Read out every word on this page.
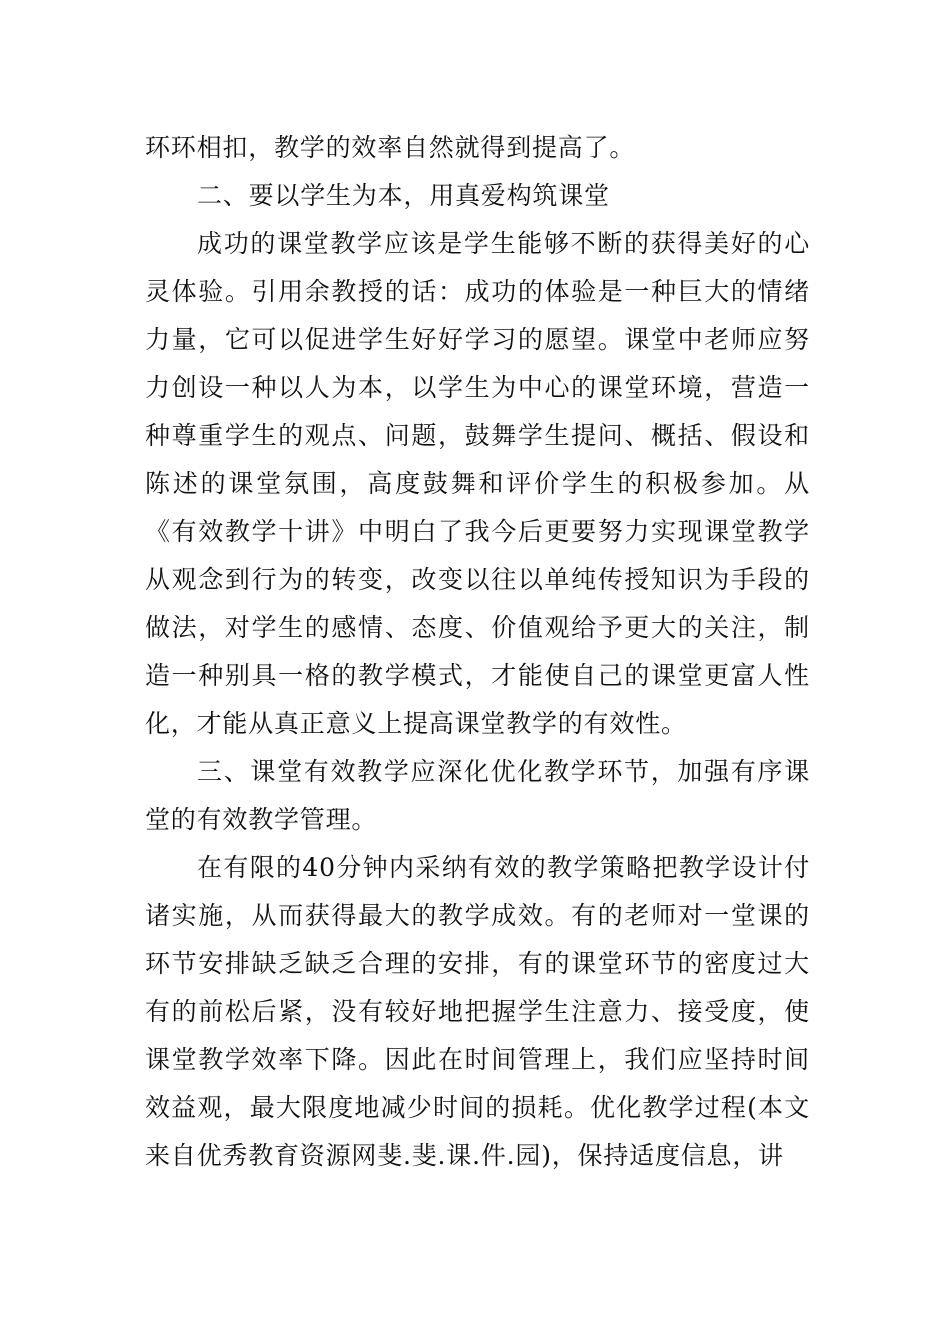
环环相扣，教学的效率自然就得到提高了。

二、要以学生为本，用真爱构筑课堂

成功的课堂教学应该是学生能够不断的获得美好的心灵体验。引用余教授的话：成功的体验是一种巨大的情绪力量，它可以促进学生好好学习的愿望。课堂中老师应努力创设一种以人为本，以学生为中心的课堂环境，营造一种尊重学生的观点、问题，鼓舞学生提问、概括、假设和陈述的课堂氛围，高度鼓舞和评价学生的积极参加。从《有效教学十讲》中明白了我今后更要努力实现课堂教学从观念到行为的转变，改变以往以单纯传授知识为手段的做法，对学生的感情、态度、价值观给予更大的关注，制造一种别具一格的教学模式，才能使自己的课堂更富人性化，才能从真正意义上提高课堂教学的有效性。

三、课堂有效教学应深化优化教学环节，加强有序课堂的有效教学管理。

在有限的40分钟内采纳有效的教学策略把教学设计付诸实施，从而获得最大的教学成效。有的老师对一堂课的环节安排缺乏缺乏合理的安排，有的课堂环节的密度过大有的前松后紧，没有较好地把握学生注意力、接受度，使课堂教学效率下降。因此在时间管理上，我们应坚持时间效益观，最大限度地减少时间的损耗。优化教学过程(本文来自优秀教育资源网斐.斐.课.件.园)，保持适度信息，讲
